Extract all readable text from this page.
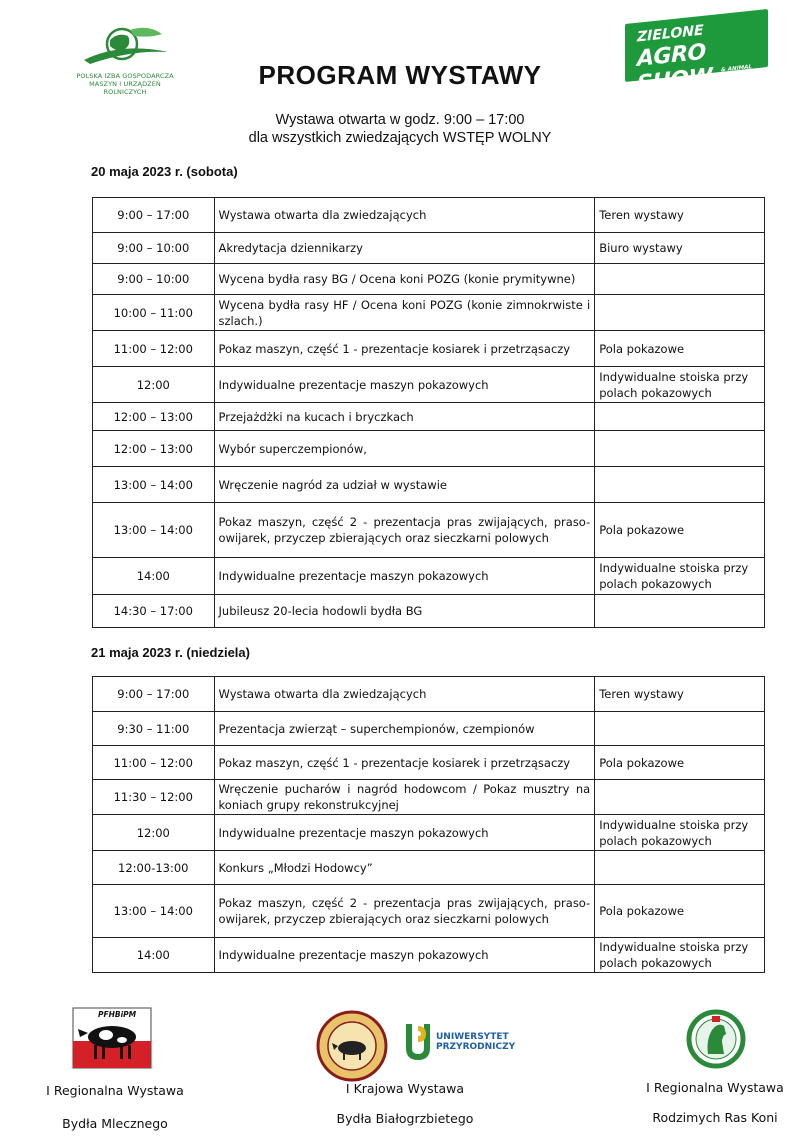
POLSKA IZBA GOSPODARCZA MASZYN I URZĄDZEŃ ROLNICZYCH
ZIELONE
AGRO SHOW	& ANIMAL SHOW
PROGRAM WYSTAWY
Wystawa otwarta w godz. 9:00 – 17:00
dla wszystkich zwiedzających WSTĘP WOLNY
20 maja 2023 r. (sobota)
9:00 – 17:00	Wystawa otwarta dla zwiedzających	Teren wystawy
9:00 – 10:00	Akredytacja dziennikarzy	Biuro wystawy
9:00 – 10:00	Wycena bydła rasy BG / Ocena koni POZG (konie prymitywne)	
10:00 – 11:00	Wycena bydła rasy HF / Ocena koni POZG (konie zimnokrwiste i szlach.)	
11:00 – 12:00	Pokaz maszyn, część 1 - prezentacje kosiarek i przetrząsaczy	Pola pokazowe
12:00	Indywidualne prezentacje maszyn pokazowych	Indywidualne stoiska przy polach pokazowych
12:00 – 13:00	Przejażdżki na kucach i bryczkach	
12:00 – 13:00	Wybór superczempionów,	
13:00 – 14:00	Wręczenie nagród za udział w wystawie	
13:00 – 14:00	Pokaz maszyn, część 2 - prezentacja pras zwijających, praso-owijarek, przyczep zbierających oraz sieczkarni polowych	Pola pokazowe
14:00	Indywidualne prezentacje maszyn pokazowych	Indywidualne stoiska przy polach pokazowych
14:30 – 17:00	Jubileusz 20-lecia hodowli bydła BG	
21 maja 2023 r. (niedziela)
9:00 – 17:00	Wystawa otwarta dla zwiedzających	Teren wystawy
9:30 – 11:00	Prezentacja zwierząt – superchempionów, czempionów	
11:00 – 12:00	Pokaz maszyn, część 1 - prezentacje kosiarek i przetrząsaczy	Pola pokazowe
11:30 – 12:00	Wręczenie pucharów i nagród hodowcom / Pokaz musztry na koniach grupy rekonstrukcyjnej	
12:00	Indywidualne prezentacje maszyn pokazowych	Indywidualne stoiska przy polach pokazowych
12:00-13:00	Konkurs „Młodzi Hodowcy”	
13:00 – 14:00	Pokaz maszyn, część 2 - prezentacja pras zwijających, praso-owijarek, przyczep zbierających oraz sieczkarni polowych	Pola pokazowe
14:00	Indywidualne prezentacje maszyn pokazowych	Indywidualne stoiska przy polach pokazowych
PFHBiPM
UNIWERSYTET PRZYRODNICZY
I Regionalna Wystawa
Bydła Mlecznego
I Krajowa Wystawa
Bydła Białogrzbietego
I Regionalna Wystawa
Rodzimych Ras Koni
